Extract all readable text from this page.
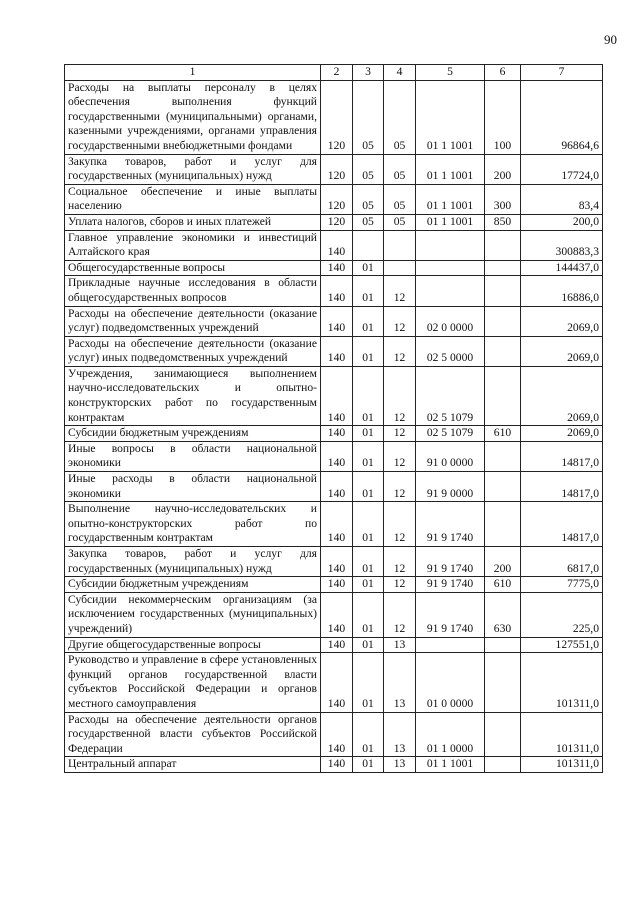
90
1	2	3	4	5	6	7
Расходы на выплаты персоналу в целях обеспечения выполнения функций государственными (муниципальными) органами, казенными учреждениями, органами управления государственными внебюджетными фондами	120	05	05	01 1 1001	100	96864,6
Закупка товаров, работ и услуг для государственных (муниципальных) нужд	120	05	05	01 1 1001	200	17724,0
Социальное обеспечение и иные выплаты населению	120	05	05	01 1 1001	300	83,4
Уплата налогов, сборов и иных платежей	120	05	05	01 1 1001	850	200,0
Главное управление экономики и инвестиций Алтайского края	140					300883,3
Общегосударственные вопросы	140	01				144437,0
Прикладные научные исследования в области общегосударственных вопросов	140	01	12			16886,0
Расходы на обеспечение деятельности (оказание услуг) подведомственных учреждений	140	01	12	02 0 0000		2069,0
Расходы на обеспечение деятельности (оказание услуг) иных подведомственных учреждений	140	01	12	02 5 0000		2069,0
Учреждения, занимающиеся выполнением научно-исследовательских и опытно-конструкторских работ по государственным контрактам	140	01	12	02 5 1079		2069,0
Субсидии бюджетным учреждениям	140	01	12	02 5 1079	610	2069,0
Иные вопросы в области национальной экономики	140	01	12	91 0 0000		14817,0
Иные расходы в области национальной экономики	140	01	12	91 9 0000		14817,0
Выполнение научно-исследовательских и опытно-конструкторских работ по государственным контрактам	140	01	12	91 9 1740		14817,0
Закупка товаров, работ и услуг для государственных (муниципальных) нужд	140	01	12	91 9 1740	200	6817,0
Субсидии бюджетным учреждениям	140	01	12	91 9 1740	610	7775,0
Субсидии некоммерческим организациям (за исключением государственных (муниципальных) учреждений)	140	01	12	91 9 1740	630	225,0
Другие общегосударственные вопросы	140	01	13			127551,0
Руководство и управление в сфере установленных функций органов государственной власти субъектов Российской Федерации и органов местного самоуправления	140	01	13	01 0 0000		101311,0
Расходы на обеспечение деятельности органов государственной власти субъектов Российской Федерации	140	01	13	01 1 0000		101311,0
Центральный аппарат	140	01	13	01 1 1001		101311,0
